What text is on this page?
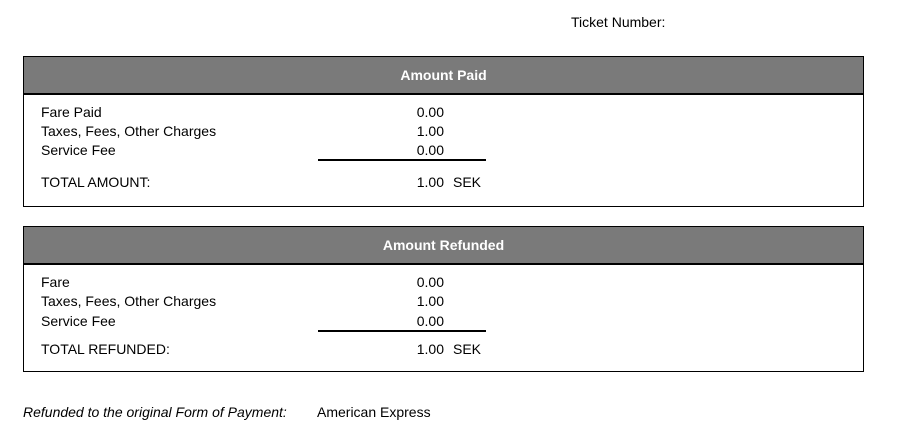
Ticket Number:
Amount Paid
Fare Paid	0.00
Taxes, Fees, Other Charges	1.00
Service Fee	0.00
TOTAL AMOUNT:	1.00 SEK
Amount Refunded
Fare	0.00
Taxes, Fees, Other Charges	1.00
Service Fee	0.00
TOTAL REFUNDED:	1.00 SEK
Refunded to the original Form of Payment: American Express
